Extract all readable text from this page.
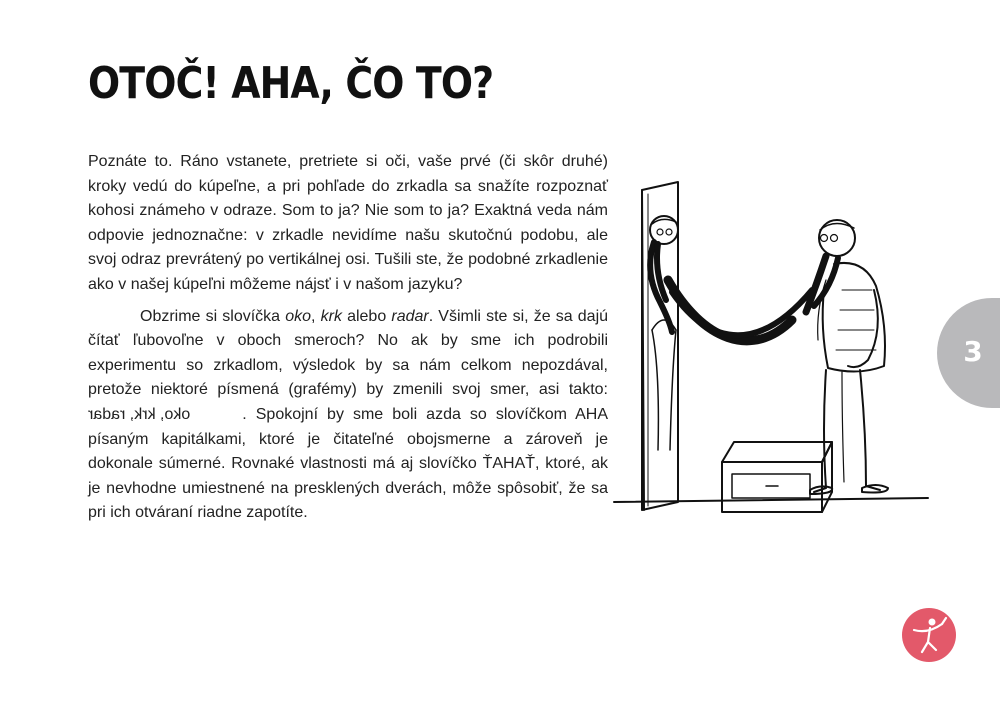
OTOČ! AHA, ČO TO?

Poznáte to. Ráno vstanete, pretriete si oči, vaše prvé (či skôr druhé) kroky vedú do kúpeľne, a pri pohľade do zrkadla sa snažíte rozpoznať kohosi známeho v odraze. Som to ja? Nie som to ja? Exaktná veda nám odpovie jednoznačne: v zrkadle nevidíme našu skutočnú podobu, ale svoj odraz prevrátený po vertikálnej osi. Tušili ste, že podobné zrkadlenie ako v našej kúpeľni môžeme nájsť i v našom jazyku?

Obzrime si slovíčka oko, krk alebo radar. Všimli ste si, že sa dajú čítať ľubovoľne v oboch smeroch? No ak by sme ich podrobili experimentu so zrkadlom, výsledok by sa nám celkom nepozdával, pretože niektoré písmená (grafémy) by zmenili svoj smer, asi takto: oko, krk, radar	. Spokojní by sme boli azda so slovíčkom AHA písaným kapitálkami, ktoré je čitateľné obojsmerne a zároveň je dokonale súmerné. Rovnaké vlastnosti má aj slovíčko ŤAHAŤ, ktoré, ak je nevhodne umiestnené na presklených dverách, môže spôsobiť, že sa pri ich otváraní riadne zapotíte.

3
